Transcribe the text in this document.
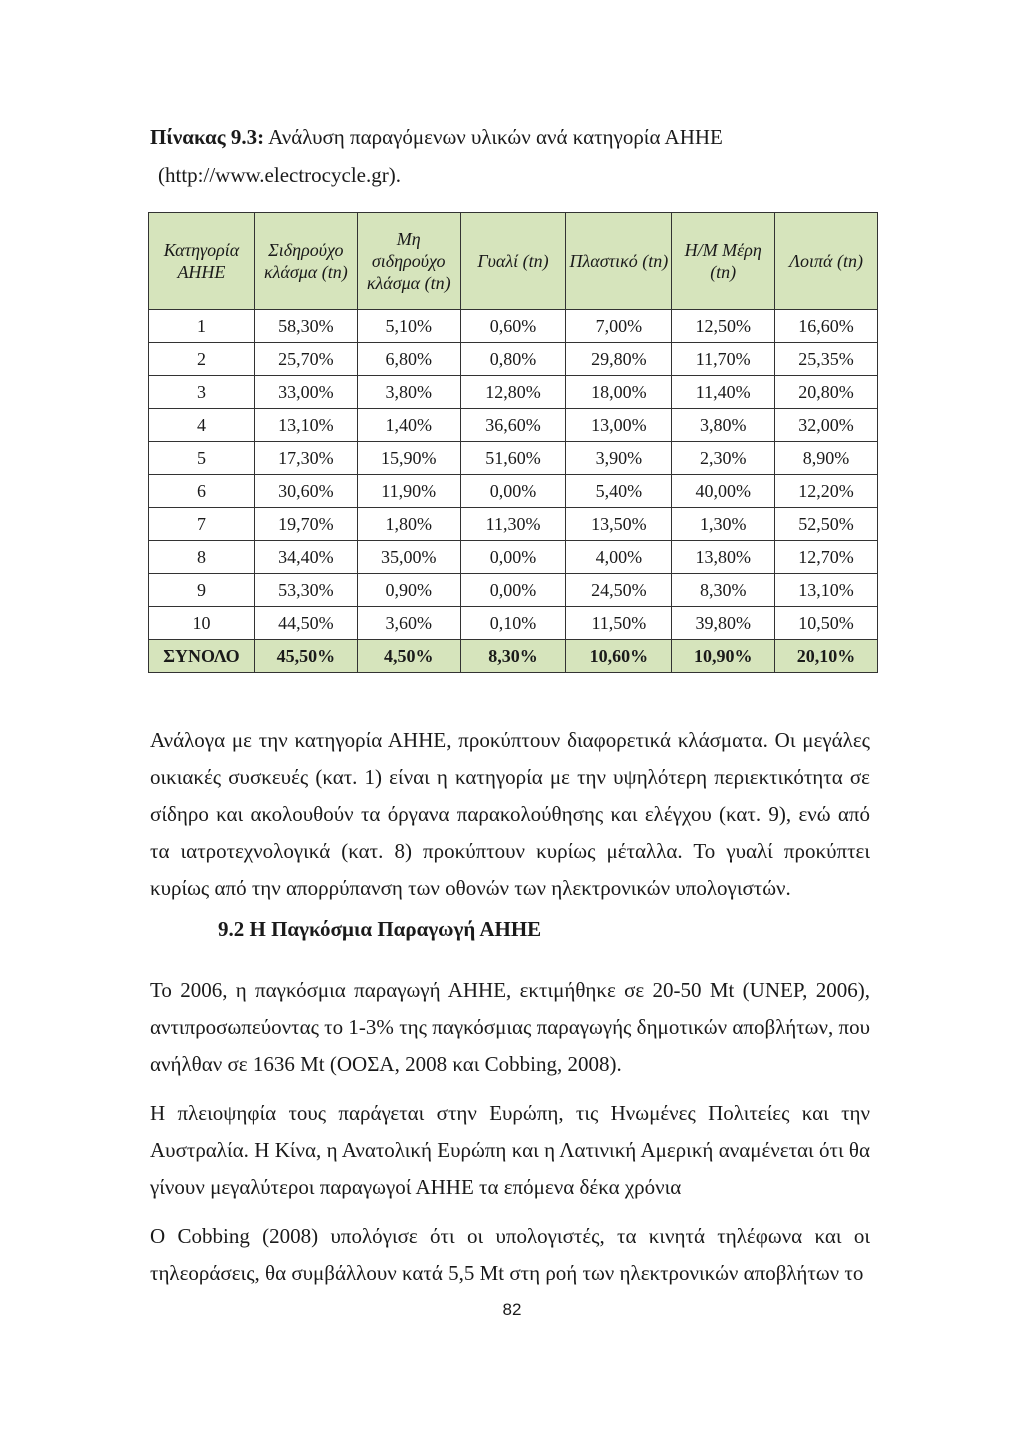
Πίνακας 9.3: Ανάλυση παραγόμενων υλικών ανά κατηγορία ΑΗΗΕ
(http://www.electrocycle.gr).
Κατηγορία ΑΗΗΕ	Σιδηρούχο κλάσμα (tn)	Μη σιδηρούχο κλάσμα (tn)	Γυαλί (tn)	Πλαστικό (tn)	Η/Μ Μέρη (tn)	Λοιπά (tn)
1	58,30%	5,10%	0,60%	7,00%	12,50%	16,60%
2	25,70%	6,80%	0,80%	29,80%	11,70%	25,35%
3	33,00%	3,80%	12,80%	18,00%	11,40%	20,80%
4	13,10%	1,40%	36,60%	13,00%	3,80%	32,00%
5	17,30%	15,90%	51,60%	3,90%	2,30%	8,90%
6	30,60%	11,90%	0,00%	5,40%	40,00%	12,20%
7	19,70%	1,80%	11,30%	13,50%	1,30%	52,50%
8	34,40%	35,00%	0,00%	4,00%	13,80%	12,70%
9	53,30%	0,90%	0,00%	24,50%	8,30%	13,10%
10	44,50%	3,60%	0,10%	11,50%	39,80%	10,50%
ΣΥΝΟΛΟ	45,50%	4,50%	8,30%	10,60%	10,90%	20,10%

Ανάλογα με την κατηγορία ΑΗΗΕ, προκύπτουν διαφορετικά κλάσματα. Οι μεγάλες οικιακές συσκευές (κατ. 1) είναι η κατηγορία με την υψηλότερη περιεκτικότητα σε σίδηρο και ακολουθούν τα όργανα παρακολούθησης και ελέγχου (κατ. 9), ενώ από τα ιατροτεχνολογικά (κατ. 8) προκύπτουν κυρίως μέταλλα. Το γυαλί προκύπτει κυρίως από την απορρύπανση των οθονών των ηλεκτρονικών υπολογιστών.

9.2 Η Παγκόσμια Παραγωγή ΑΗΗΕ

Το 2006, η παγκόσμια παραγωγή ΑΗΗΕ, εκτιμήθηκε σε 20-50 Mt (UNEP, 2006), αντιπροσωπεύοντας το 1-3% της παγκόσμιας παραγωγής δημοτικών αποβλήτων, που ανήλθαν σε 1636 Mt (ΟΟΣΑ, 2008 και Cobbing, 2008).

Η πλειοψηφία τους παράγεται στην Ευρώπη, τις Ηνωμένες Πολιτείες και την Αυστραλία. Η Κίνα, η Ανατολική Ευρώπη και η Λατινική Αμερική αναμένεται ότι θα γίνουν μεγαλύτεροι παραγωγοί ΑΗΗΕ τα επόμενα δέκα χρόνια

Ο Cobbing (2008) υπολόγισε ότι οι υπολογιστές, τα κινητά τηλέφωνα και οι τηλεοράσεις, θα συμβάλλουν κατά 5,5 Mt στη ροή των ηλεκτρονικών αποβλήτων το

82
